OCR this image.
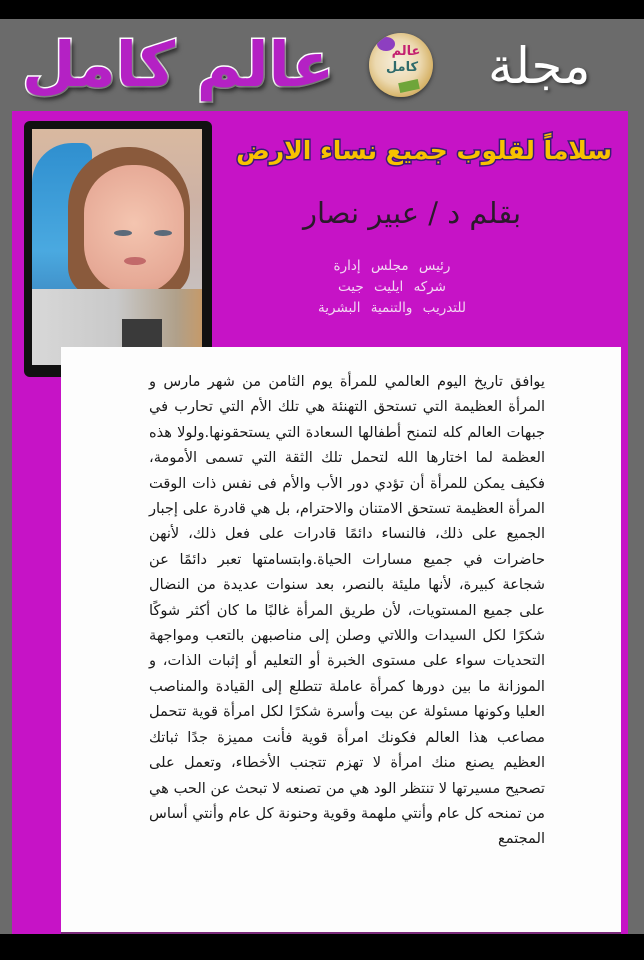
عالم كامل	عالم
كامل مجلة
سلاماً لقلوب جميع نساء الارض
بقلم د / عبير نصار
رئيس مجلس إدارة
شركه ايليت جيت
للتدريب والتنمية البشرية
يوافق تاريخ اليوم العالمي للمرأة يوم الثامن من شهر مارس و المرأة العظيمة التي تستحق التهنئة هي تلك الأم التي تحارب في جبهات العالم كله لتمنح أطفالها السعادة التي يستحقونها.ولولا هذه العظمة لما اختارها الله لتحمل تلك الثقة التي تسمى الأمومة، فكيف يمكن للمرأة أن تؤدي دور الأب والأم فى نفس ذات الوقت المرأة العظيمة تستحق الامتنان والاحترام، بل هي قادرة على إجبار الجميع على ذلك، فالنساء دائمًا قادرات على فعل ذلك، لأنهن حاضرات في جميع مسارات الحياة.وابتسامتها تعبر دائمًا عن شجاعة كبيرة، لأنها مليئة بالنصر، بعد سنوات عديدة من النضال على جميع المستويات، لأن طريق المرأة غالبًا ما كان أكثر شوكًا شكرًا لكل السيدات واللاتي وصلن إلى مناصبهن بالتعب ومواجهة التحديات سواء على مستوى الخبرة أو التعليم أو إثبات الذات، و الموزانة ما بين دورها كمرأة عاملة تتطلع إلى القيادة والمناصب العليا وكونها مسئولة عن بيت وأسرة شكرًا لكل امرأة قوية تتحمل مصاعب هذا العالم فكونك امرأة قوية فأنت مميزة جدًا ثباتك العظيم يصنع منك امرأة لا تهزم تتجنب الأخطاء، وتعمل على تصحيح مسيرتها لا تنتظر الود هي من تصنعه لا تبحث عن الحب هي من تمنحه كل عام وأنتي ملهمة وقوية وحنونة كل عام وأنتي أساس المجتمع
